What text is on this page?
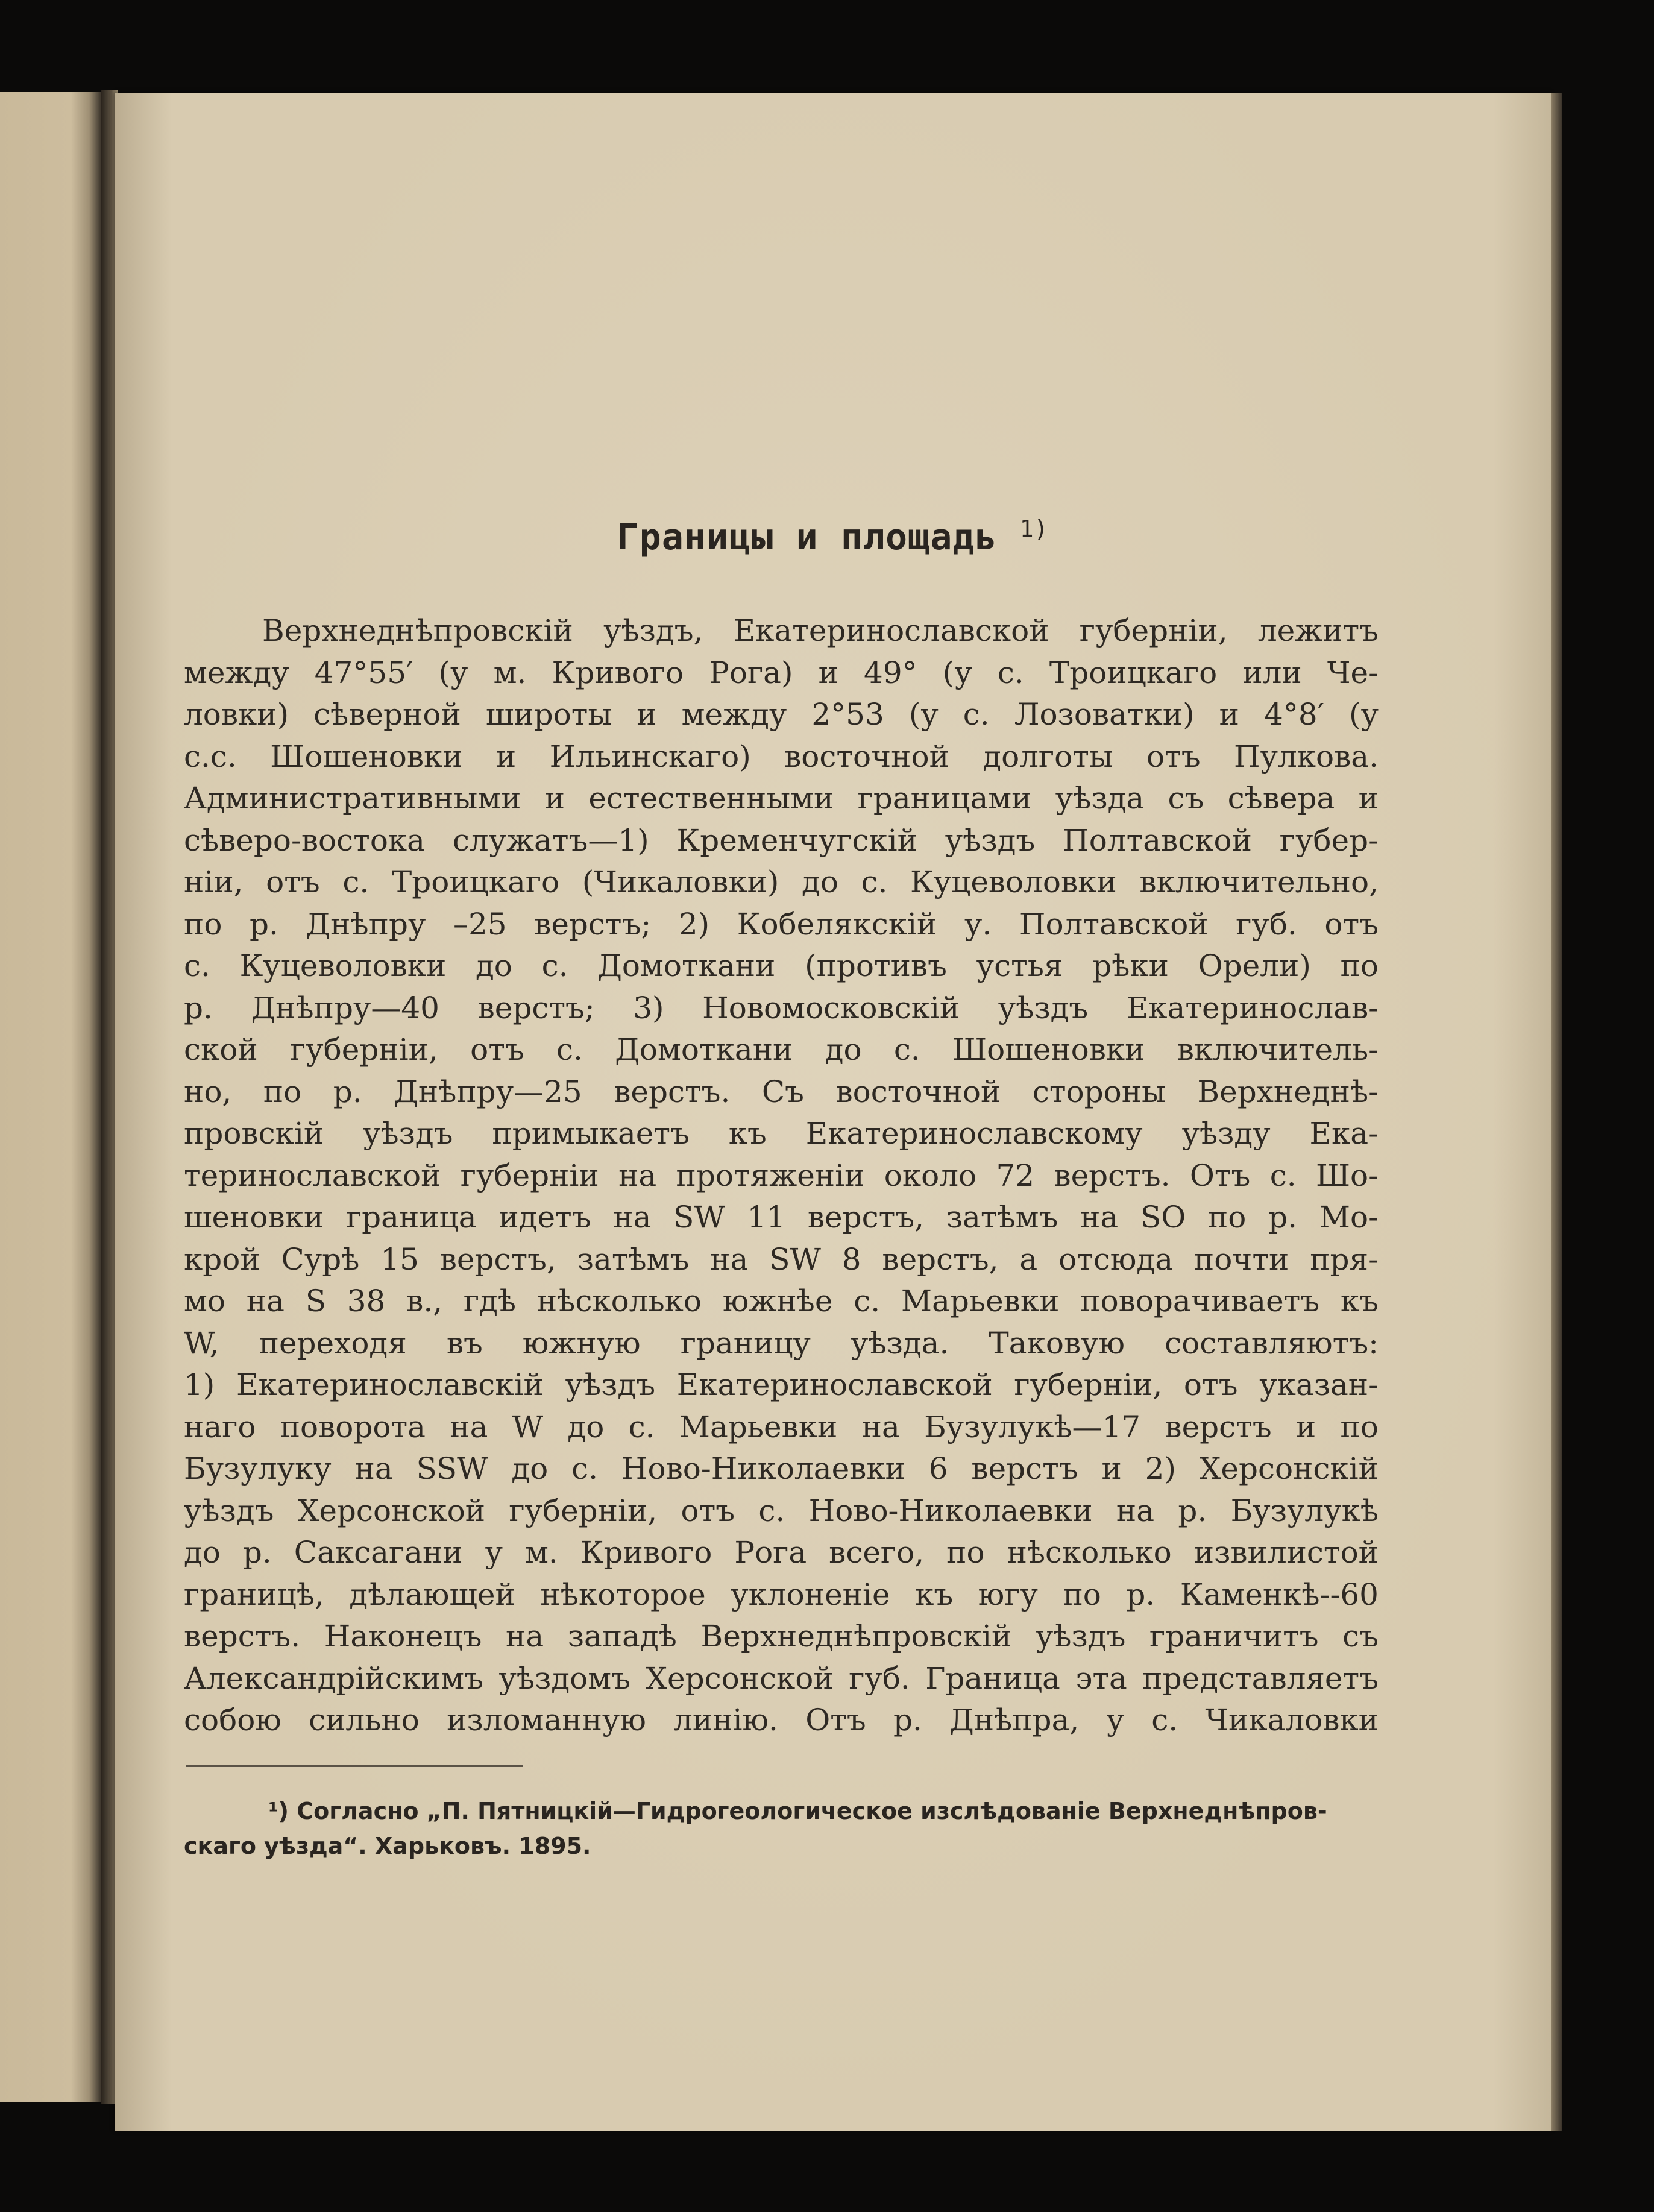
Границы и площадь $^{1)}$
Верхнеднѣпровскій уѣздъ, Екатеринославской губерніи, лежитъ
между 47°55′ (у м. Кривого Рога) и 49° (у с. Троицкаго или Че-
ловки) сѣверной широты и между 2°53 (у с. Лозоватки) и 4°8′ (у
с.с. Шошеновки и Ильинскаго) восточной долготы отъ Пулкова.
Административными и естественными границами уѣзда съ сѣвера и
сѣверо-востока служатъ—1) Кременчугскій уѣздъ Полтавской губер-
ніи, отъ с. Троицкаго (Чикаловки) до с. Куцеволовки включительно,
по р. Днѣпру –25 верстъ; 2) Кобелякскій у. Полтавской губ. отъ
с. Куцеволовки до с. Домоткани (противъ устья рѣки Орели) по
р. Днѣпру—40 верстъ; 3) Новомосковскій уѣздъ Екатеринослав-
ской губерніи, отъ с. Домоткани до с. Шошеновки включитель-
но, по р. Днѣпру—25 верстъ. Съ восточной стороны Верхнеднѣ-
провскій уѣздъ примыкаетъ къ Екатеринославскому уѣзду Ека-
теринославской губерніи на протяженіи около 72 верстъ. Отъ с. Шо-
шеновки граница идетъ на SW 11 верстъ, затѣмъ на SO по р. Мо-
крой Сурѣ 15 верстъ, затѣмъ на SW 8 верстъ, а отсюда почти пря-
мо на S 38 в., гдѣ нѣсколько южнѣе с. Марьевки поворачиваетъ къ
W, переходя въ южную границу уѣзда. Таковую составляютъ:
1) Екатеринославскій уѣздъ Екатеринославской губерніи, отъ указан-
наго поворота на W до с. Марьевки на Бузулукѣ—17 верстъ и по
Бузулуку на SSW до с. Ново-Николаевки 6 верстъ и 2) Херсонскій
уѣздъ Херсонской губерніи, отъ с. Ново-Николаевки на р. Бузулукѣ
до р. Саксагани у м. Кривого Рога всего, по нѣсколько извилистой
границѣ, дѣлающей нѣкоторое уклоненіе къ югу по р. Каменкѣ--60
верстъ. Наконецъ на западѣ Верхнеднѣпровскій уѣздъ граничитъ съ
Александрійскимъ уѣздомъ Херсонской губ. Граница эта представляетъ
собою сильно изломанную линію. Отъ р. Днѣпра, у с. Чикаловки
¹) Согласно „П. Пятницкій—Гидрогеологическое изслѣдованіе Верхнеднѣпров-
скаго уѣзда“. Харьковъ. 1895.
